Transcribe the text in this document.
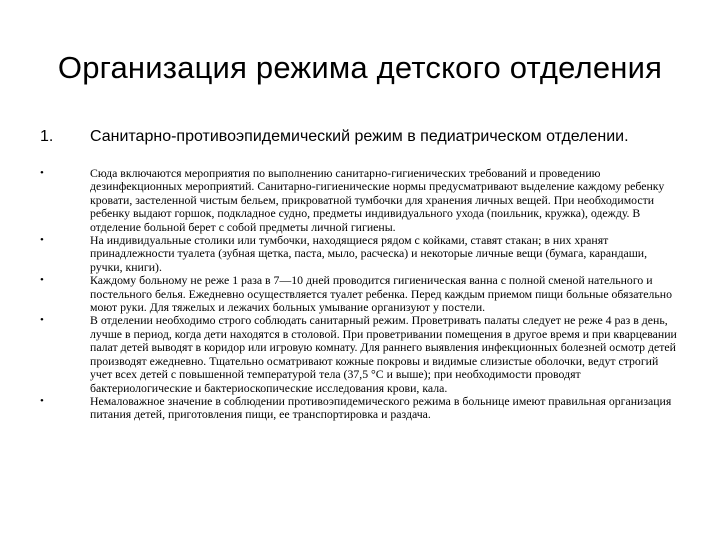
Организация режима детского отделения
1. Санитарно-противоэпидемический режим в педиатрическом отделении.
•	Сюда включаются мероприятия по выполнению санитарно-гигиенических требований и проведению дезинфекционных мероприятий. Санитарно-гигиенические нормы предусматривают выделение каждому ребенку кровати, застеленной чистым бельем, прикроватной тумбочки для хранения личных вещей. При необходимости ребенку выдают горшок, подкладное судно, предметы индивидуального ухода (поильник, кружка), одежду. В отделение больной берет с собой предметы личной гигиены.
•	На индивидуальные столики или тумбочки, находящиеся рядом с койками, ставят стакан; в них хранят принадлежности туалета (зубная щетка, паста, мыло, расческа) и некоторые личные вещи (бумага, карандаши, ручки, книги).
•	Каждому больному не реже 1 раза в 7—10 дней проводится гигиеническая ванна с полной сменой нательного и постельного белья. Ежедневно осуществляется туалет ребенка. Перед каждым приемом пищи больные обязательно моют руки. Для тяжелых и лежачих больных умывание организуют у постели.
•	В отделении необходимо строго соблюдать санитарный режим. Проветривать палаты следует не реже 4 раз в день, лучше в период, когда дети находятся в столовой. При проветривании помещения в другое время и при кварцевании палат детей выводят в коридор или игровую комнату. Для раннего выявления инфекционных болезней осмотр детей производят ежедневно. Тщательно осматривают кожные покровы и видимые слизистые оболочки, ведут строгий учет всех детей с повышенной температурой тела (37,5 °С и выше); при необходимости проводят бактериологические и бактериоскопические исследования крови, кала.
•	Немаловажное значение в соблюдении противоэпидемического режима в больнице имеют правильная организация питания детей, приготовления пищи, ее транспортировка и раздача.
